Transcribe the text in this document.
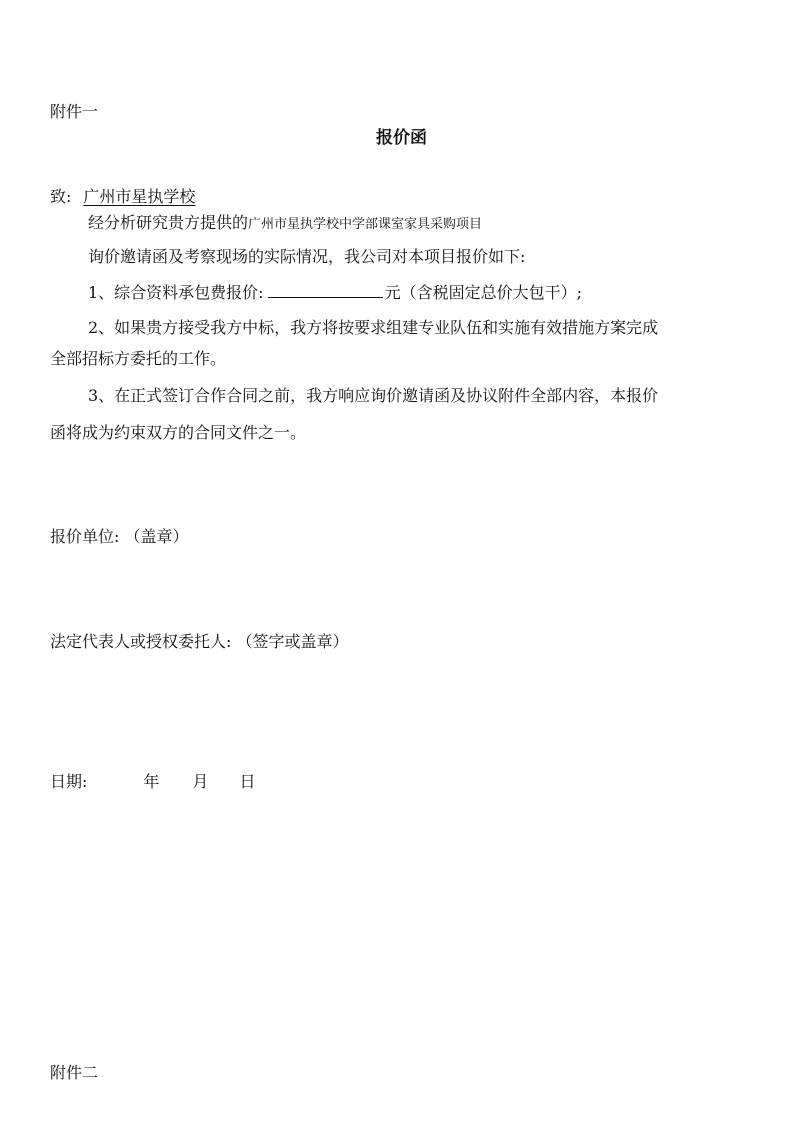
附件一
报价函
致: 广州市星执学校
经分析研究贵方提供的广州市星执学校中学部课室家具采购项目
询价邀请函及考察现场的实际情况，我公司对本项目报价如下:
1、综合资料承包费报价:	元（含税固定总价大包干）;
2、如果贵方接受我方中标，我方将按要求组建专业队伍和实施有效措施方案完成
全部招标方委托的工作。
3、在正式签订合作合同之前，我方响应询价邀请函及协议附件全部内容，本报价
函将成为约束双方的合同文件之一。
报价单位: （盖章）
法定代表人或授权委托人: （签字或盖章）
日期:	年 月 日
附件二
